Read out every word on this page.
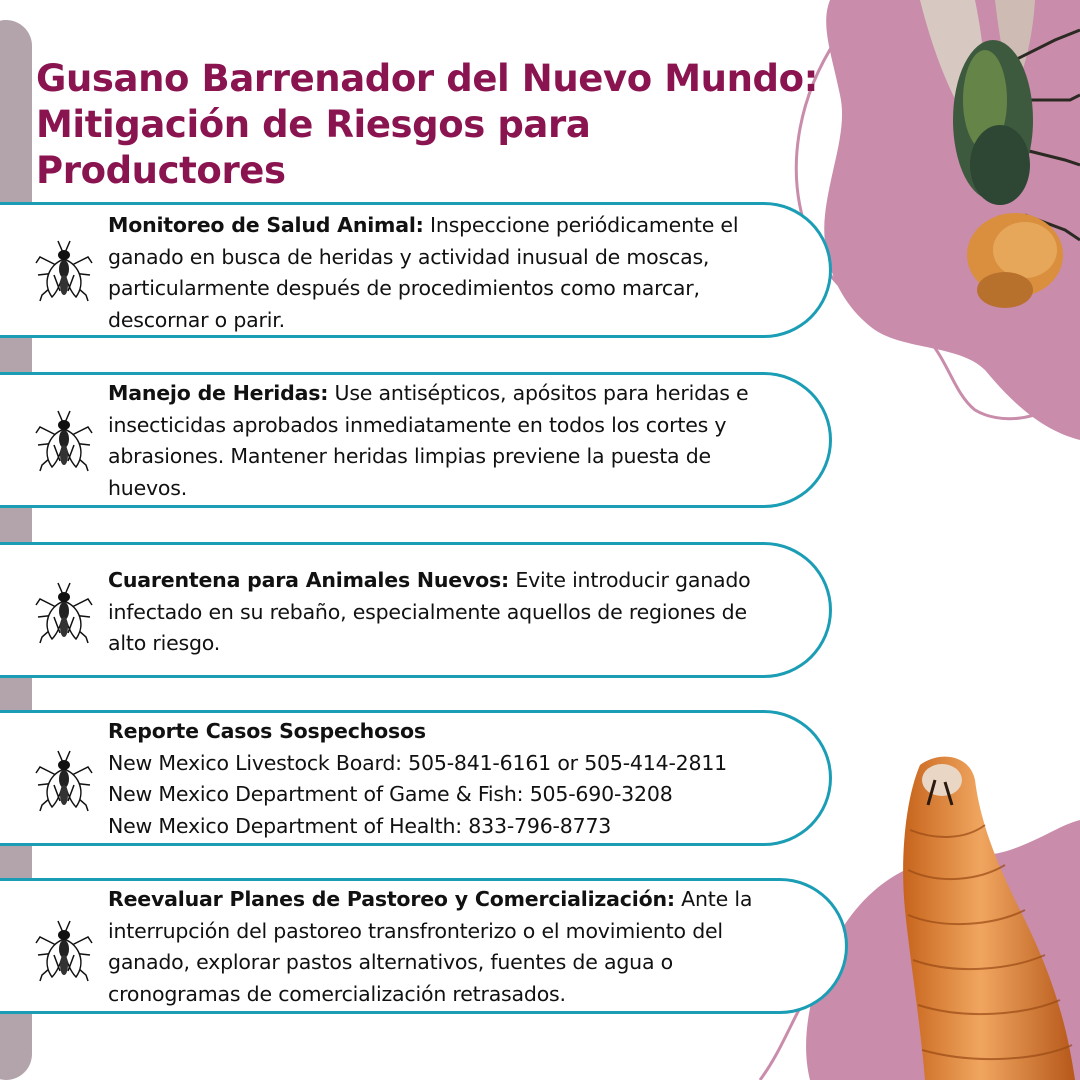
Gusano Barrenador del Nuevo Mundo:
Mitigación de Riesgos para Productores
Monitoreo de Salud Animal: Inspeccione periódicamente el ganado en busca de heridas y actividad inusual de moscas, particularmente después de procedimientos como marcar, descornar o parir.
Manejo de Heridas: Use antisépticos, apósitos para heridas e insecticidas aprobados inmediatamente en todos los cortes y abrasiones. Mantener heridas limpias previene la puesta de huevos.
Cuarentena para Animales Nuevos: Evite introducir ganado infectado en su rebaño, especialmente aquellos de regiones de alto riesgo.
Reporte Casos Sospechosos
New Mexico Livestock Board: 505-841-6161 or 505-414-2811
New Mexico Department of Game & Fish: 505-690-3208
New Mexico Department of Health: 833-796-8773
Reevaluar Planes de Pastoreo y Comercialización: Ante la interrupción del pastoreo transfronterizo o el movimiento del ganado, explorar pastos alternativos, fuentes de agua o cronogramas de comercialización retrasados.
